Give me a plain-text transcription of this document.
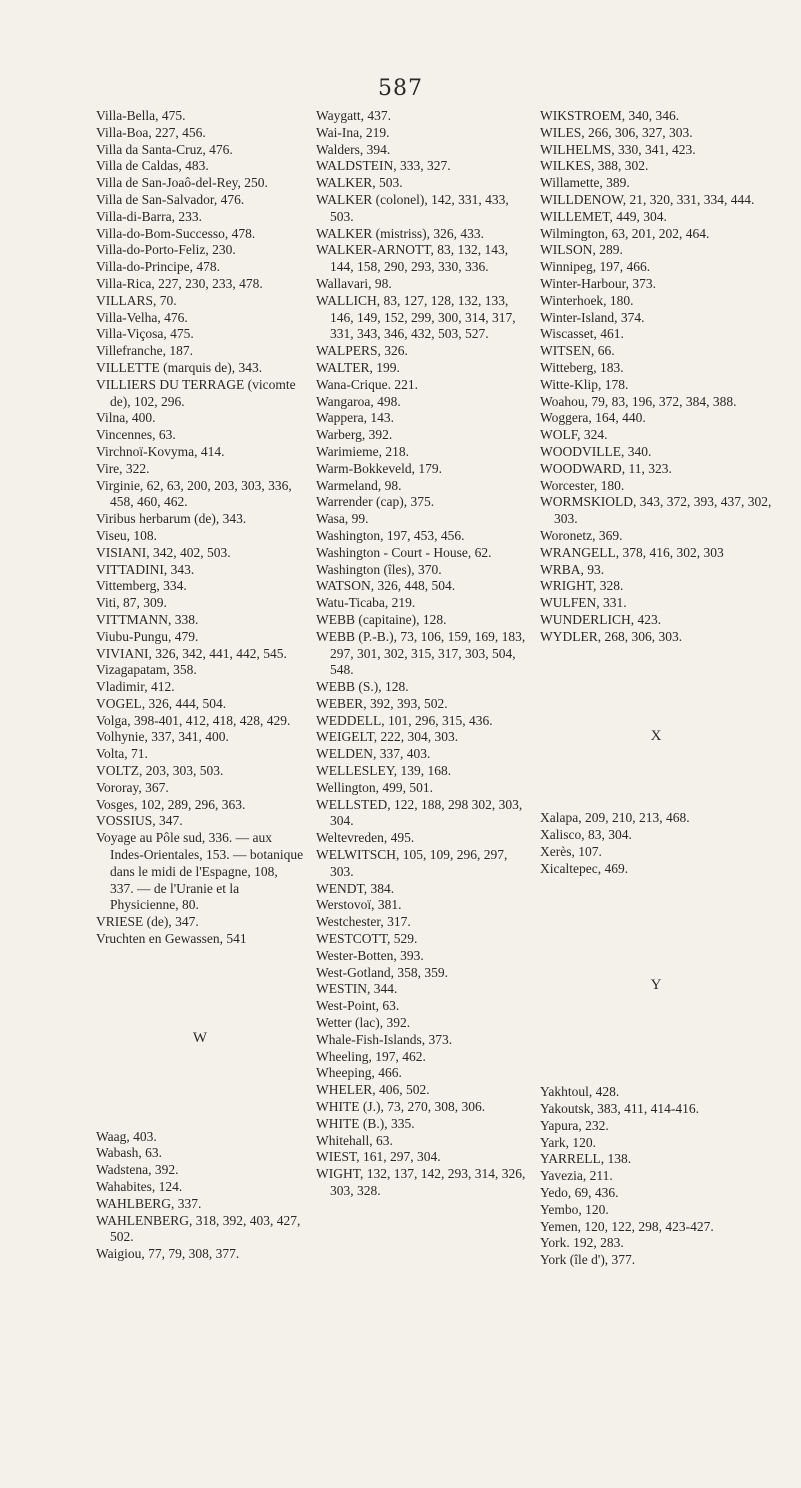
587
Villa-Bella, 475.
Villa-Boa, 227, 456.
Villa da Santa-Cruz, 476.
Villa de Caldas, 483.
Villa de San-Joaô-del-Rey, 250.
Villa de San-Salvador, 476.
Villa-di-Barra, 233.
Villa-do-Bom-Successo, 478.
Villa-do-Porto-Feliz, 230.
Villa-do-Principe, 478.
Villa-Rica, 227, 230, 233, 478.
VILLARS, 70.
Villa-Velha, 476.
Villa-Viçosa, 475.
Villefranche, 187.
VILLETTE (marquis de), 343.
VILLIERS DU TERRAGE (vicomte de), 102, 296.
Vilna, 400.
Vincennes, 63.
Virchnoï-Kovyma, 414.
Vire, 322.
Virginie, 62, 63, 200, 203, 303, 336, 458, 460, 462.
Viribus herbarum (de), 343.
Viseu, 108.
VISIANI, 342, 402, 503.
VITTADINI, 343.
Vittemberg, 334.
Viti, 87, 309.
VITTMANN, 338.
Viubu-Pungu, 479.
VIVIANI, 326, 342, 441, 442, 545.
Vizagapatam, 358.
Vladimir, 412.
VOGEL, 326, 444, 504.
Volga, 398-401, 412, 418, 428, 429.
Volhynie, 337, 341, 400.
Volta, 71.
VOLTZ, 203, 303, 503.
Vororay, 367.
Vosges, 102, 289, 296, 363.
VOSSIUS, 347.
Voyage au Pôle sud, 336. — aux Indes-Orientales, 153. — botanique dans le midi de l'Espagne, 108, 337. — de l'Uranie et la Physicienne, 80.
VRIESE (de), 347.
Vruchten en Gewassen, 541
W
Waag, 403.
Wabash, 63.
Wadstena, 392.
Wahabites, 124.
WAHLBERG, 337.
WAHLENBERG, 318, 392, 403, 427, 502.
Waigiou, 77, 79, 308, 377.
Waygatt, 437.
Wai-Ina, 219.
Walders, 394.
WALDSTEIN, 333, 327.
WALKER, 503.
WALKER (colonel), 142, 331, 433, 503.
WALKER (mistriss), 326, 433.
WALKER-ARNOTT, 83, 132, 143, 144, 158, 290, 293, 330, 336.
Wallavari, 98.
WALLICH, 83, 127, 128, 132, 133, 146, 149, 152, 299, 300, 314, 317, 331, 343, 346, 432, 503, 527.
WALPERS, 326.
WALTER, 199.
Wana-Crique. 221.
Wangaroa, 498.
Wappera, 143.
Warberg, 392.
Warimieme, 218.
Warm-Bokkeveld, 179.
Warmeland, 98.
Warrender (cap), 375.
Wasa, 99.
Washington, 197, 453, 456.
Washington - Court - House, 62.
Washington (îles), 370.
WATSON, 326, 448, 504.
Watu-Ticaba, 219.
WEBB (capitaine), 128.
WEBB (P.-B.), 73, 106, 159, 169, 183, 297, 301, 302, 315, 317, 303, 504, 548.
WEBB (S.), 128.
WEBER, 392, 393, 502.
WEDDELL, 101, 296, 315, 436.
WEIGELT, 222, 304, 303.
WELDEN, 337, 403.
WELLESLEY, 139, 168.
Wellington, 499, 501.
WELLSTED, 122, 188, 298 302, 303, 304.
Weltevreden, 495.
WELWITSCH, 105, 109, 296, 297, 303.
WENDT, 384.
Werstovoï, 381.
Westchester, 317.
WESTCOTT, 529.
Wester-Botten, 393.
West-Gotland, 358, 359.
WESTIN, 344.
West-Point, 63.
Wetter (lac), 392.
Whale-Fish-Islands, 373.
Wheeling, 197, 462.
Wheeping, 466.
WHELER, 406, 502.
WHITE (J.), 73, 270, 308, 306.
WHITE (B.), 335.
Whitehall, 63.
WIEST, 161, 297, 304.
WIGHT, 132, 137, 142, 293, 314, 326, 303, 328.
WIKSTROEM, 340, 346.
WILES, 266, 306, 327, 303.
WILHELMS, 330, 341, 423.
WILKES, 388, 302.
Willamette, 389.
WILLDENOW, 21, 320, 331, 334, 444.
WILLEMET, 449, 304.
Wilmington, 63, 201, 202, 464.
WILSON, 289.
Winnipeg, 197, 466.
Winter-Harbour, 373.
Winterhoek, 180.
Winter-Island, 374.
Wiscasset, 461.
WITSEN, 66.
Witteberg, 183.
Witte-Klip, 178.
Woahou, 79, 83, 196, 372, 384, 388.
Woggera, 164, 440.
WOLF, 324.
WOODVILLE, 340.
WOODWARD, 11, 323.
Worcester, 180.
WORMSKIOLD, 343, 372, 393, 437, 302, 303.
Woronetz, 369.
WRANGELL, 378, 416, 302, 303
WRBA, 93.
WRIGHT, 328.
WULFEN, 331.
WUNDERLICH, 423.
WYDLER, 268, 306, 303.
X
Xalapa, 209, 210, 213, 468.
Xalisco, 83, 304.
Xerès, 107.
Xicaltepec, 469.
Y
Yakhtoul, 428.
Yakoutsk, 383, 411, 414-416.
Yapura, 232.
Yark, 120.
YARRELL, 138.
Yavezia, 211.
Yedo, 69, 436.
Yembo, 120.
Yemen, 120, 122, 298, 423-427.
York. 192, 283.
York (île d'), 377.
